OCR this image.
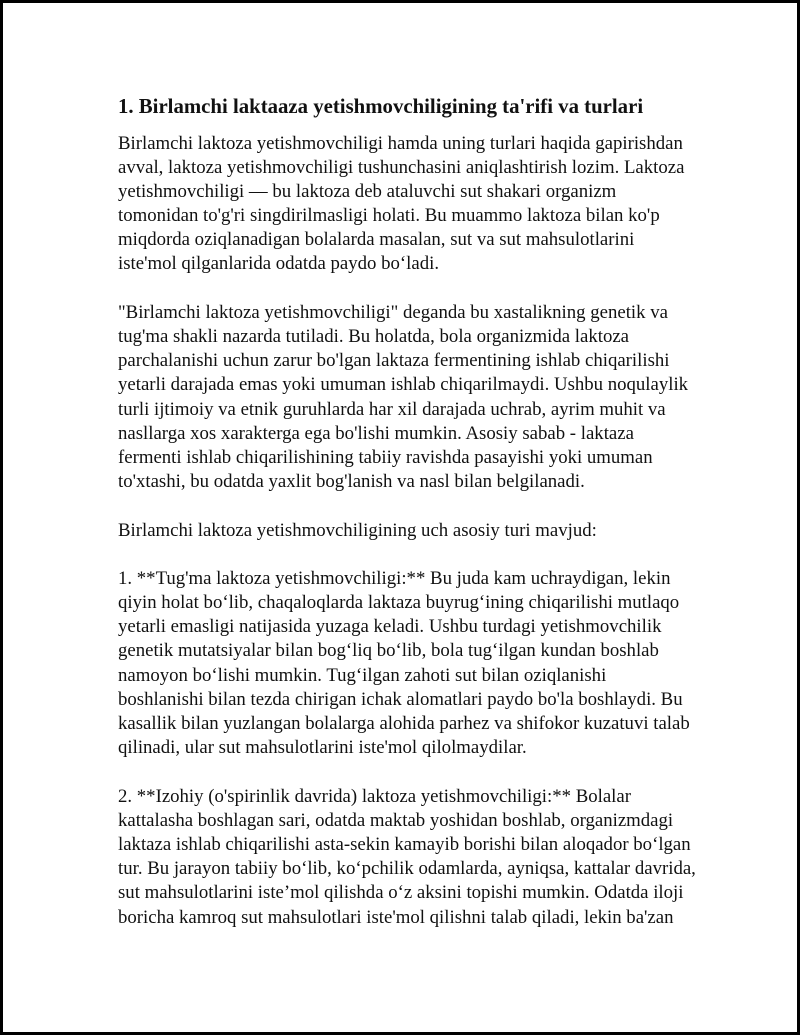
1. Birlamchi laktaaza yetishmovchiligining ta'rifi va turlari
Birlamchi laktoza yetishmovchiligi hamda uning turlari haqida gapirishdan
avval, laktoza yetishmovchiligi tushunchasini aniqlashtirish lozim. Laktoza
yetishmovchiligi — bu laktoza deb ataluvchi sut shakari organizm
tomonidan to'g'ri singdirilmasligi holati. Bu muammo laktoza bilan ko'p
miqdorda oziqlanadigan bolalarda masalan, sut va sut mahsulotlarini
iste'mol qilganlarida odatda paydo bo‘ladi.
"Birlamchi laktoza yetishmovchiligi" deganda bu xastalikning genetik va
tug'ma shakli nazarda tutiladi. Bu holatda, bola organizmida laktoza
parchalanishi uchun zarur bo'lgan laktaza fermentining ishlab chiqarilishi
yetarli darajada emas yoki umuman ishlab chiqarilmaydi. Ushbu noqulaylik
turli ijtimoiy va etnik guruhlarda har xil darajada uchrab, ayrim muhit va
nasllarga xos xarakterga ega bo'lishi mumkin. Asosiy sabab - laktaza
fermenti ishlab chiqarilishining tabiiy ravishda pasayishi yoki umuman
to'xtashi, bu odatda yaxlit bog'lanish va nasl bilan belgilanadi.
Birlamchi laktoza yetishmovchiligining uch asosiy turi mavjud:
1. **Tug'ma laktoza yetishmovchiligi:** Bu juda kam uchraydigan, lekin
qiyin holat bo‘lib, chaqaloqlarda laktaza buyrug‘ining chiqarilishi mutlaqo
yetarli emasligi natijasida yuzaga keladi. Ushbu turdagi yetishmovchilik
genetik mutatsiyalar bilan bog‘liq bo‘lib, bola tug‘ilgan kundan boshlab
namoyon bo‘lishi mumkin. Tug‘ilgan zahoti sut bilan oziqlanishi
boshlanishi bilan tezda chirigan ichak alomatlari paydo bo'la boshlaydi. Bu
kasallik bilan yuzlangan bolalarga alohida parhez va shifokor kuzatuvi talab
qilinadi, ular sut mahsulotlarini iste'mol qilolmaydilar.
2. **Izohiy (o'spirinlik davrida) laktoza yetishmovchiligi:** Bolalar
kattalasha boshlagan sari, odatda maktab yoshidan boshlab, organizmdagi
laktaza ishlab chiqarilishi asta-sekin kamayib borishi bilan aloqador bo‘lgan
tur. Bu jarayon tabiiy bo‘lib, ko‘pchilik odamlarda, ayniqsa, kattalar davrida,
sut mahsulotlarini iste’mol qilishda o‘z aksini topishi mumkin. Odatda iloji
boricha kamroq sut mahsulotlari iste'mol qilishni talab qiladi, lekin ba'zan
